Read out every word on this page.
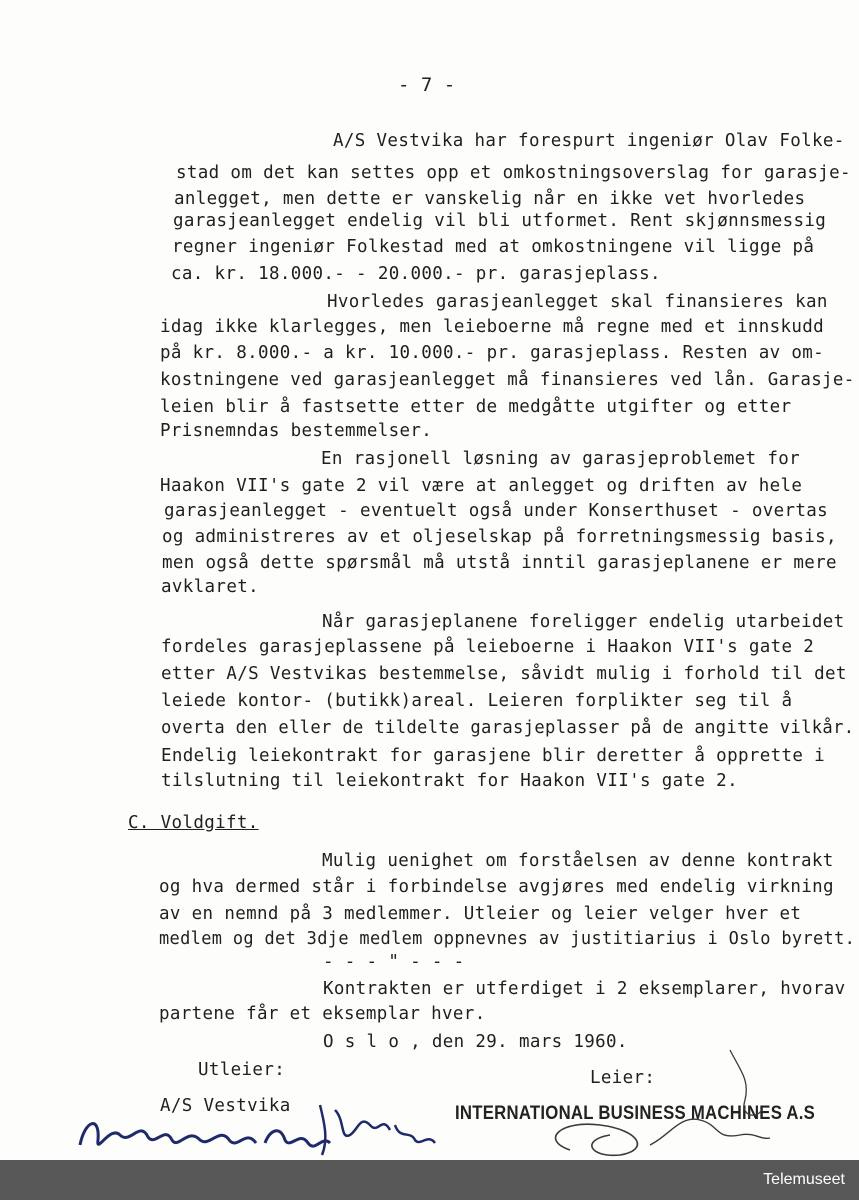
- 7 -
A/S Vestvika har forespurt ingeniør Olav Folke-
stad om det kan settes opp et omkostningsoverslag for garasje-
anlegget, men dette er vanskelig når en ikke vet hvorledes
garasjeanlegget endelig vil bli utformet. Rent skjønnsmessig
regner ingeniør Folkestad med at omkostningene vil ligge på
ca. kr. 18.000.- - 20.000.- pr. garasjeplass.
Hvorledes garasjeanlegget skal finansieres kan
idag ikke klarlegges, men leieboerne må regne med et innskudd
på kr. 8.000.- a kr. 10.000.- pr. garasjeplass. Resten av om-
kostningene ved garasjeanlegget må finansieres ved lån. Garasje-
leien blir å fastsette etter de medgåtte utgifter og etter
Prisnemndas bestemmelser.
En rasjonell løsning av garasjeproblemet for
Haakon VII's gate 2 vil være at anlegget og driften av hele
garasjeanlegget - eventuelt også under Konserthuset - overtas
og administreres av et oljeselskap på forretningsmessig basis,
men også dette spørsmål må utstå inntil garasjeplanene er mere
avklaret.
Når garasjeplanene foreligger endelig utarbeidet
fordeles garasjeplassene på leieboerne i Haakon VII's gate 2
etter A/S Vestvikas bestemmelse, såvidt mulig i forhold til det
leiede kontor- (butikk)areal. Leieren forplikter seg til å
overta den eller de tildelte garasjeplasser på de angitte vilkår.
Endelig leiekontrakt for garasjene blir deretter å opprette i
tilslutning til leiekontrakt for Haakon VII's gate 2.
C. Voldgift.
Mulig uenighet om forståelsen av denne kontrakt
og hva dermed står i forbindelse avgjøres med endelig virkning
av en nemnd på 3 medlemmer. Utleier og leier velger hver et
medlem og det 3dje medlem oppnevnes av justitiarius i Oslo byrett.
- - - " - - -
Kontrakten er utferdiget i 2 eksemplarer, hvorav
partene får et eksemplar hver.
O s l o , den 29. mars 1960.
Utleier:	Leier:
A/S Vestvika	INTERNATIONAL BUSINESS MACHINES A.S
Telemuseet
